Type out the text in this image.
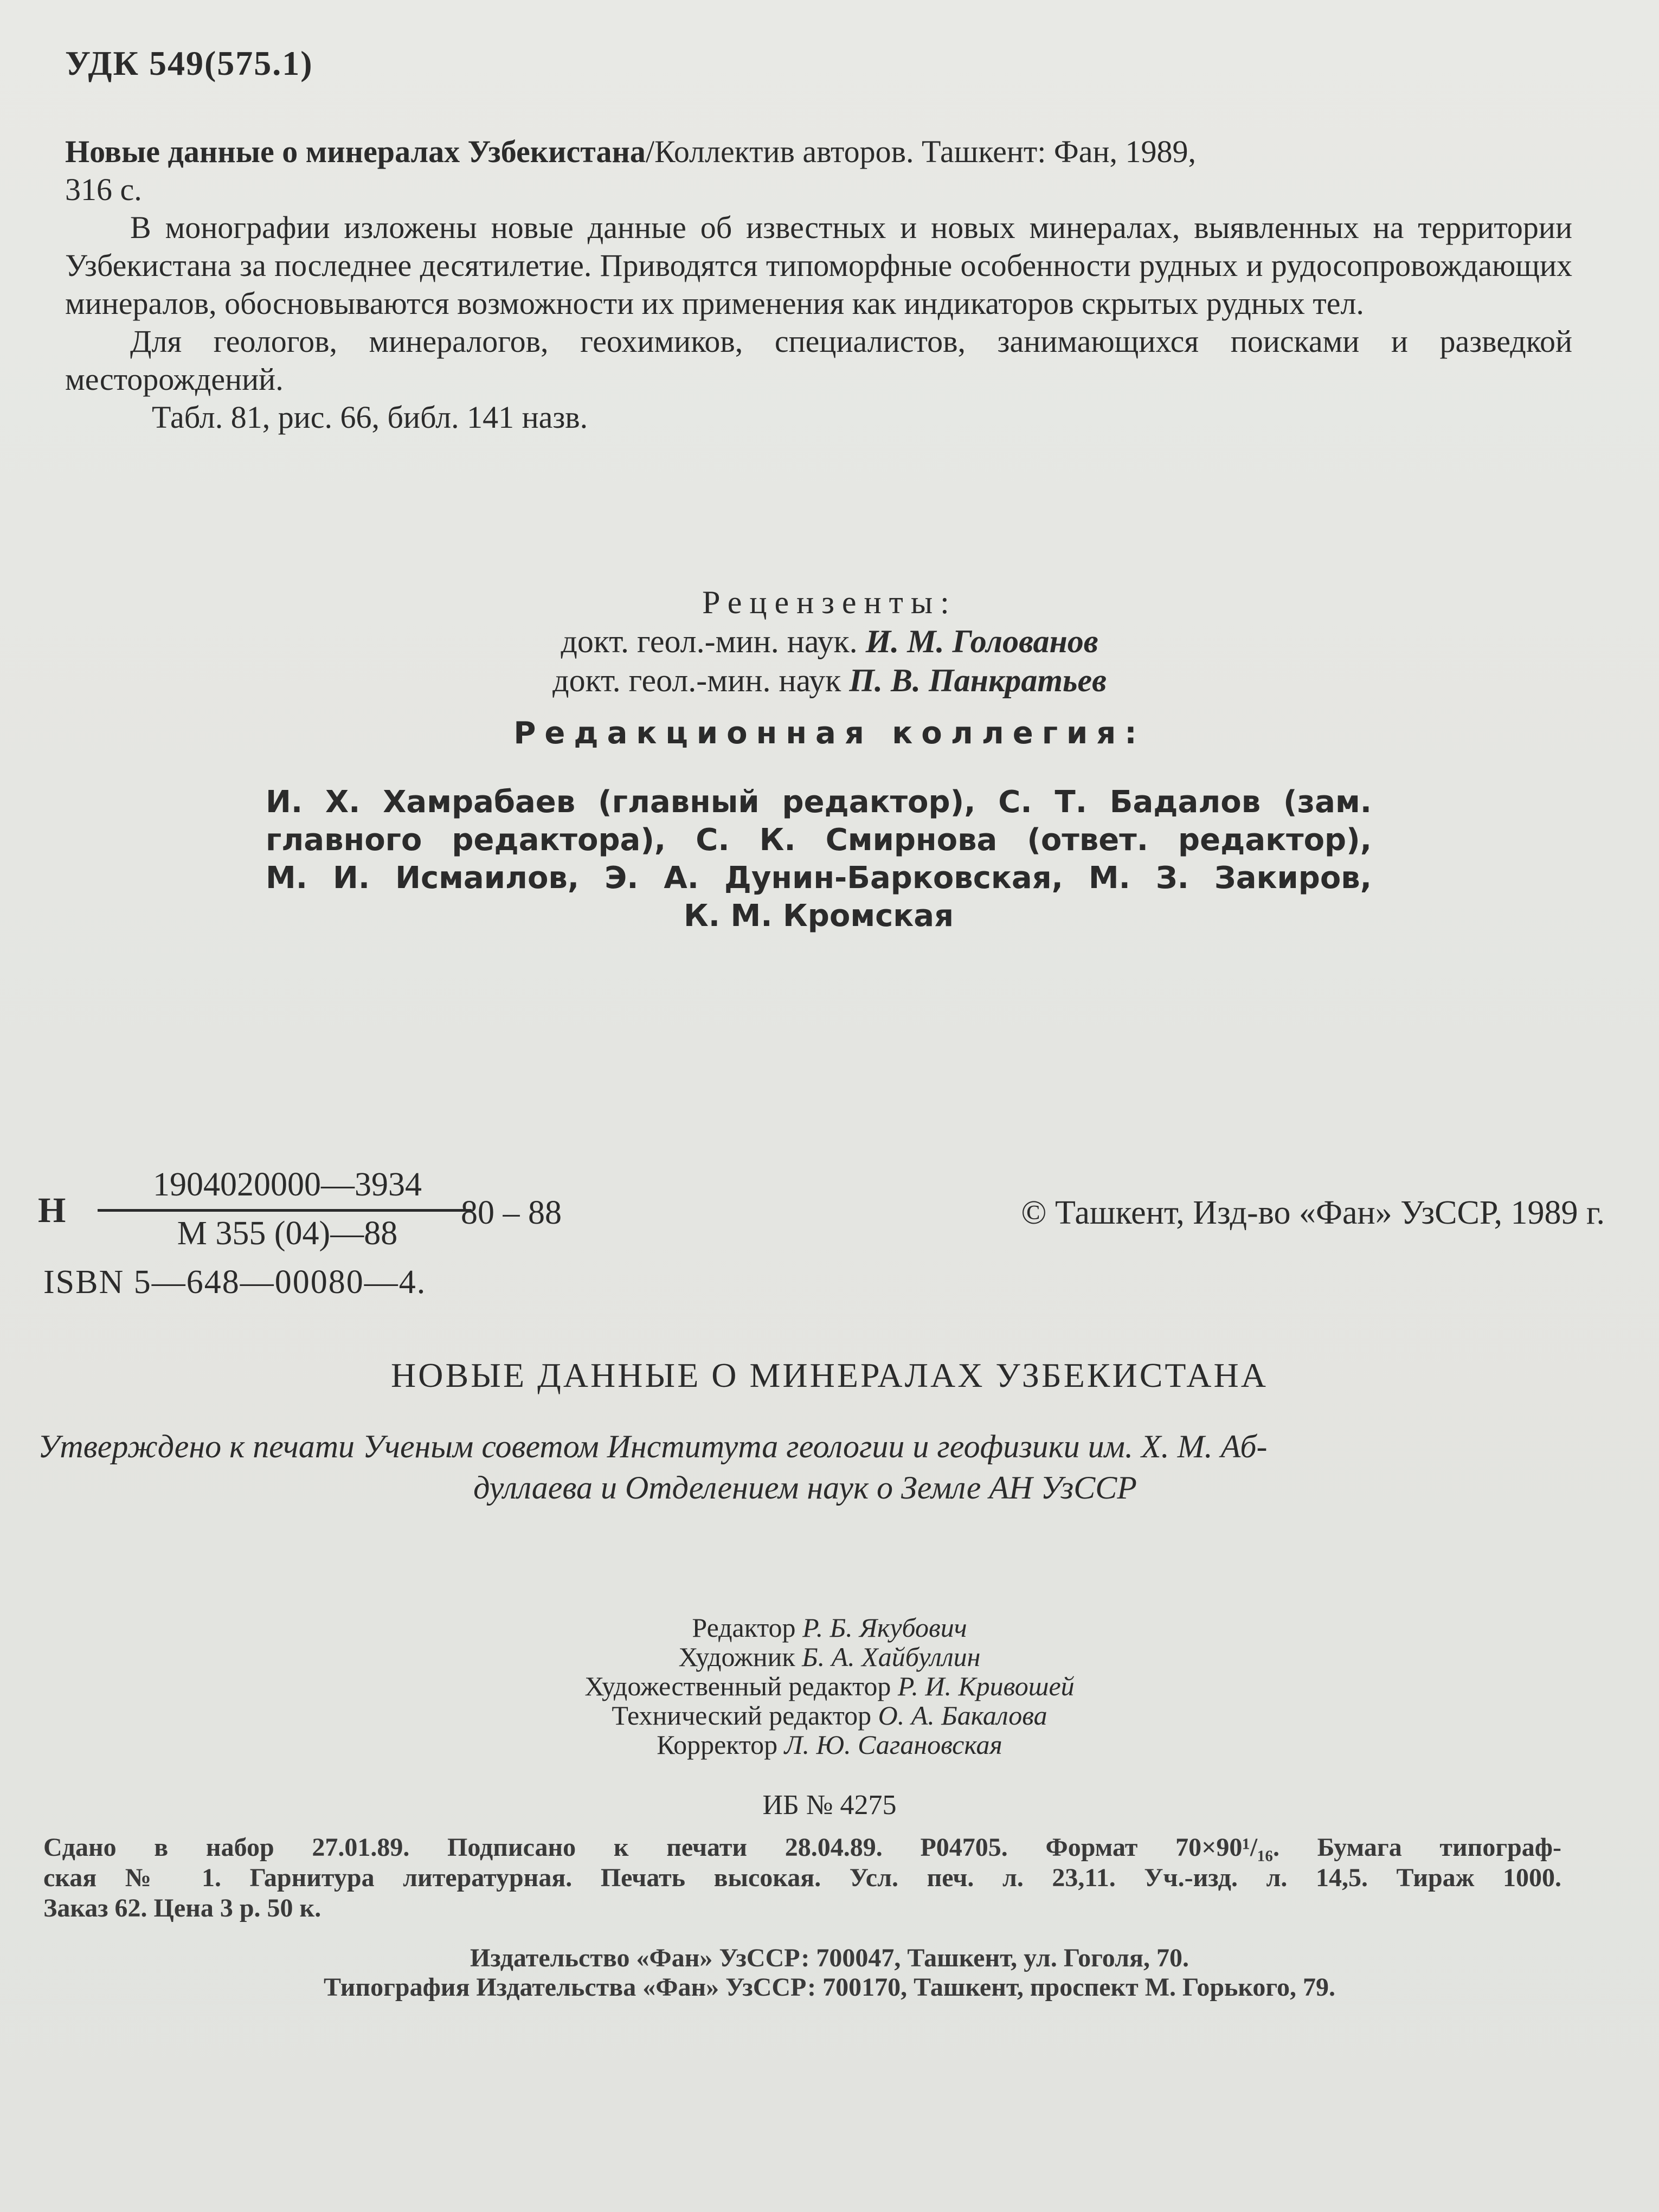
УДК 549(575.1)

Новые данные о минералах Узбекистана/Коллектив авторов. Ташкент: Фан, 1989,

316 с.

В монографии изложены новые данные об известных и новых минералах, выявленных на территории Узбекистана за последнее десятилетие. Приводятся типоморфные особенности рудных и рудосопровождающих минералов, обосновываются возможности их применения как индикаторов скрытых рудных тел.

Для геологов, минералогов, геохимиков, специалистов, занимающихся поисками и разведкой месторождений.

Табл. 81, рис. 66, библ. 141 назв.

Рецензенты:

докт. геол.-мин. наук. И. М. Голованов

докт. геол.-мин. наук П. В. Панкратьев

Редакционная коллегия:

И. Х. Хамрабаев (главный редактор), С. Т. Бадалов (зам.

главного редактора), С. К. Смирнова (ответ. редактор),

М. И. Исмаилов, Э. А. Дунин-Барковская, М. З. Закиров,

К. М. Кромская

Н
1904020000—3934
М 355 (04)—88
80 – 88	© Ташкент, Изд-во «Фан» УзССР, 1989 г.
ISBN 5—648—00080—4.
НОВЫЕ ДАННЫЕ О МИНЕРАЛАХ УЗБЕКИСТАНА

Утверждено к печати Ученым советом Института геологии и геофизики им. Х. М. Аб-

дуллаева и Отделением наук о Земле АН УзССР

Редактор Р. Б. Якубович

Художник Б. А. Хайбуллин

Художественный редактор Р. И. Кривошей

Технический редактор О. А. Бакалова

Корректор Л. Ю. Сагановская

ИБ № 4275

Сдано в набор 27.01.89. Подписано к печати 28.04.89. Р04705. Формат 70×90¹/₁₆. Бумага типограф-

ская № 1. Гарнитура литературная. Печать высокая. Усл. печ. л. 23,11. Уч.-изд. л. 14,5. Тираж 1000.

Заказ 62. Цена 3 р. 50 к.

Издательство «Фан» УзССР: 700047, Ташкент, ул. Гоголя, 70.

Типография Издательства «Фан» УзССР: 700170, Ташкент, проспект М. Горького, 79.
